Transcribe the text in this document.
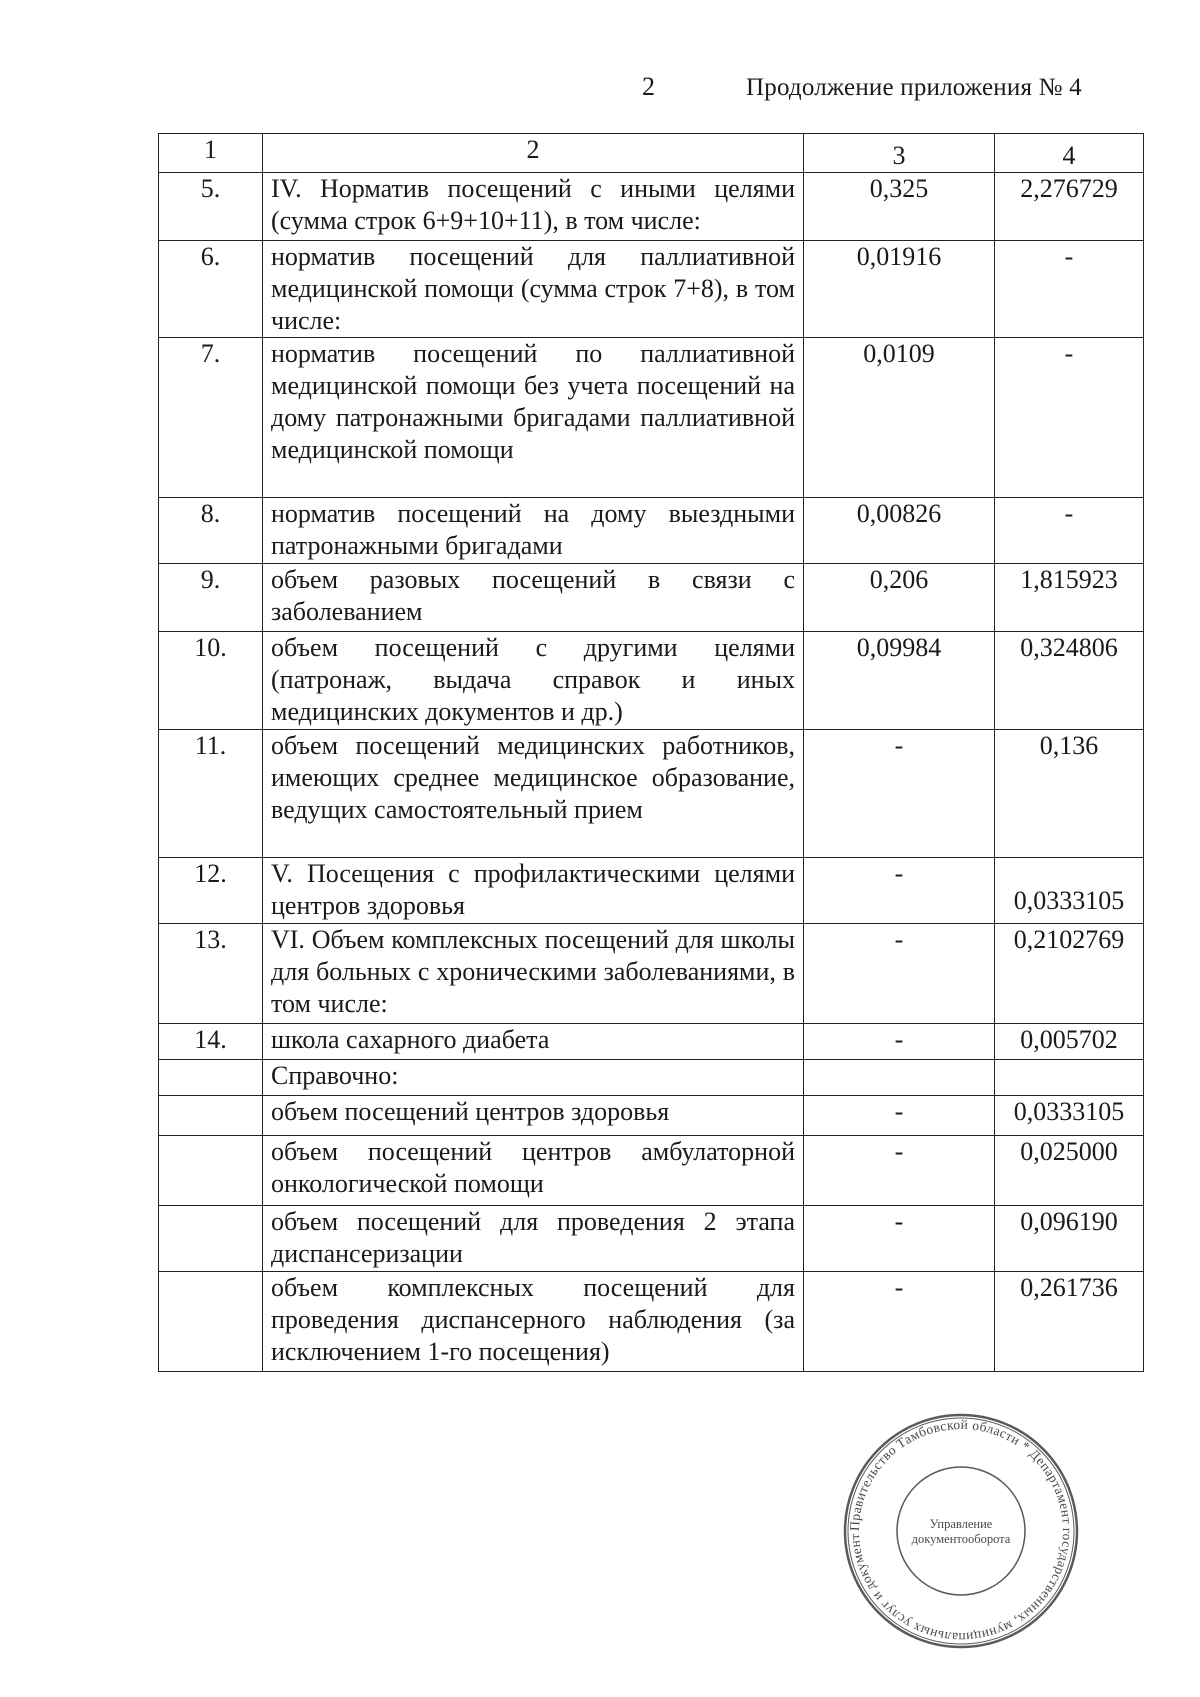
2	Продолжение приложения № 4
1	2	3	4
5.	IV. Норматив посещений с иными целями (сумма строк 6+9+10+11), в том числе:	0,325	2,276729
6.	норматив посещений для паллиативной медицинской помощи (сумма строк 7+8), в том числе:	0,01916	-
7.	норматив посещений по паллиативной медицинской помощи без учета посещений на дому патронажными бригадами паллиативной медицинской помощи	0,0109	-
8.	норматив посещений на дому выездными патронажными бригадами	0,00826	-
9.	объем разовых посещений в связи с заболеванием	0,206	1,815923
10.	объем посещений с другими целями (патронаж, выдача справок и иных медицинских документов и др.)	0,09984	0,324806
11.	объем посещений медицинских работников, имеющих среднее медицинское образование, ведущих самостоятельный прием	-	0,136
12.	V. Посещения с профилактическими целями центров здоровья	-	0,0333105
13.	VI. Объем комплексных посещений для школы для больных с хроническими заболеваниями, в том числе:	-	0,2102769
14.	школа сахарного диабета	-	0,005702
	Справочно:		
	объем посещений центров здоровья	-	0,0333105
	объем посещений центров амбулаторной онкологической помощи	-	0,025000
	объем посещений для проведения 2 этапа диспансеризации	-	0,096190
	объем комплексных посещений для проведения диспансерного наблюдения (за исключением 1-го посещения)	-	0,261736
Правительство Тамбовской области * Департамент государственных, муниципальных услуг и документ
Управление
документооборота
